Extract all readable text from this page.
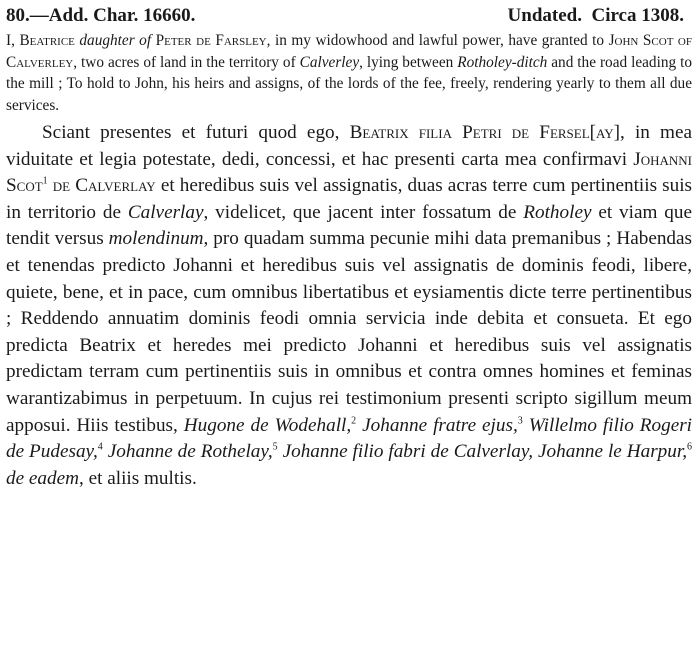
80.—Add. Char. 16660.	Undated. Circa 1308.

I, Beatrice daughter of Peter de Farsley, in my widowhood and lawful power, have granted to John Scot of Calverley, two acres of land in the territory of Calverley, lying between Rotholey-ditch and the road leading to the mill ; To hold to John, his heirs and assigns, of the lords of the fee, freely, rendering yearly to them all due services.

Sciant presentes et futuri quod ego, Beatrix filia Petri de Fersel[ay], in mea viduitate et legia potestate, dedi, concessi, et hac presenti carta mea confirmavi Johanni Scot$^1$ de Calverlay et heredibus suis vel assignatis, duas acras terre cum pertinentiis suis in territorio de Calverlay, videlicet, que jacent inter fossatum de Rotholey et viam que tendit versus molendinum, pro quadam summa pecunie mihi data premanibus ; Habendas et tenendas predicto Johanni et heredibus suis vel assignatis de dominis feodi, libere, quiete, bene, et in pace, cum omnibus libertatibus et eysiamentis dicte terre pertinentibus ; Reddendo annuatim dominis feodi omnia servicia inde debita et consueta. Et ego predicta Beatrix et heredes mei predicto Johanni et heredibus suis vel assignatis predictam terram cum pertinentiis suis in omnibus et contra omnes homines et feminas warantizabimus in perpetuum. In cujus rei testimonium presenti scripto sigillum meum apposui. Hiis testibus, Hugone de Wodehall,$^2$ Johanne fratre ejus,$^3$ Willelmo filio Rogeri de Pudesay,$^4$ Johanne de Rothelay,$^5$ Johanne filio fabri de Calverlay, Johanne le Harpur,$^6$ de eadem, et aliis multis.
